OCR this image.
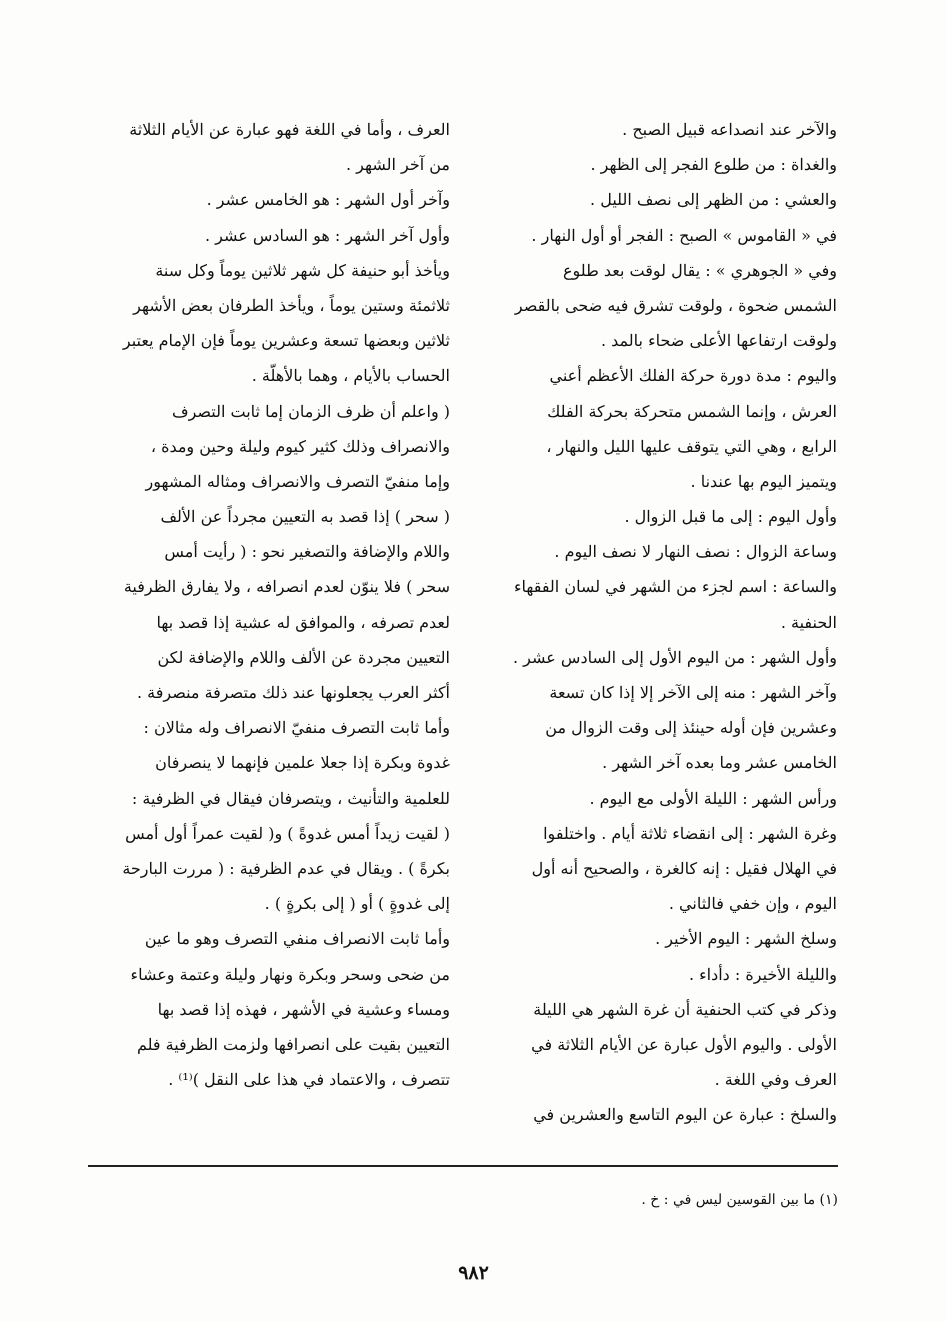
والآخر عند انصداعه قبيل الصبح .
والغداة : من طلوع الفجر إلى الظهر .
والعشي : من الظهر إلى نصف الليل .
في « القاموس » الصبح : الفجر أو أول النهار .
وفي « الجوهري » : يقال لوقت بعد طلوع
الشمس ضحوة ، ولوقت تشرق فيه ضحى بالقصر
ولوقت ارتفاعها الأعلى ضحاء بالمد .
واليوم : مدة دورة حركة الفلك الأعظم أعني
العرش ، وإنما الشمس متحركة بحركة الفلك
الرابع ، وهي التي يتوقف عليها الليل والنهار ،
ويتميز اليوم بها عندنا .
وأول اليوم : إلى ما قبل الزوال .
وساعة الزوال : نصف النهار لا نصف اليوم .
والساعة : اسم لجزء من الشهر في لسان الفقهاء
الحنفية .
وأول الشهر : من اليوم الأول إلى السادس عشر .
وآخر الشهر : منه إلى الآخر إلا إذا كان تسعة
وعشرين فإن أوله حينئذ إلى وقت الزوال من
الخامس عشر وما بعده آخر الشهر .
ورأس الشهر : الليلة الأولى مع اليوم .
وغرة الشهر : إلى انقضاء ثلاثة أيام . واختلفوا
في الهلال فقيل : إنه كالغرة ، والصحيح أنه أول
اليوم ، وإن خفي فالثاني .
وسلخ الشهر : اليوم الأخير .
والليلة الأخيرة : دأداء .
وذكر في كتب الحنفية أن غرة الشهر هي الليلة
الأولى . واليوم الأول عبارة عن الأيام الثلاثة في
العرف وفي اللغة .
والسلخ : عبارة عن اليوم التاسع والعشرين في
العرف ، وأما في اللغة فهو عبارة عن الأيام الثلاثة
من آخر الشهر .
وآخر أول الشهر : هو الخامس عشر .
وأول آخر الشهر : هو السادس عشر .
ويأخذ أبو حنيفة كل شهر ثلاثين يوماً وكل سنة
ثلاثمئة وستين يوماً ، ويأخذ الطرفان بعض الأشهر
ثلاثين وبعضها تسعة وعشرين يوماً فإن الإمام يعتبر
الحساب بالأيام ، وهما بالأهلّة .
( واعلم أن ظرف الزمان إما ثابت التصرف
والانصراف وذلك كثير كيوم وليلة وحين ومدة ،
وإما منفيّ التصرف والانصراف ومثاله المشهور
( سحر ) إذا قصد به التعيين مجرداً عن الألف
واللام والإضافة والتصغير نحو : ( رأيت أمس
سحر ) فلا ينوّن لعدم انصرافه ، ولا يفارق الظرفية
لعدم تصرفه ، والموافق له عشية إذا قصد بها
التعيين مجردة عن الألف واللام والإضافة لكن
أكثر العرب يجعلونها عند ذلك متصرفة منصرفة .
وأما ثابت التصرف منفيّ الانصراف وله مثالان :
غدوة وبكرة إذا جعلا علمين فإنهما لا ينصرفان
للعلمية والتأنيث ، ويتصرفان فيقال في الظرفية :
( لقيت زيداً أمس غدوةً ) و( لقيت عمراً أول أمس
بكرةً ) . ويقال في عدم الظرفية : ( مررت البارحة
إلى غدوةٍ ) أو ( إلى بكرةٍ ) .
وأما ثابت الانصراف منفي التصرف وهو ما عين
من ضحى وسحر وبكرة ونهار وليلة وعتمة وعشاء
ومساء وعشية في الأشهر ، فهذه إذا قصد بها
التعيين بقيت على انصرافها ولزمت الظرفية فلم
تتصرف ، والاعتماد في هذا على النقل )⁽¹⁾ .
(١) ما بين القوسين ليس في : خ .
٩٨٢
